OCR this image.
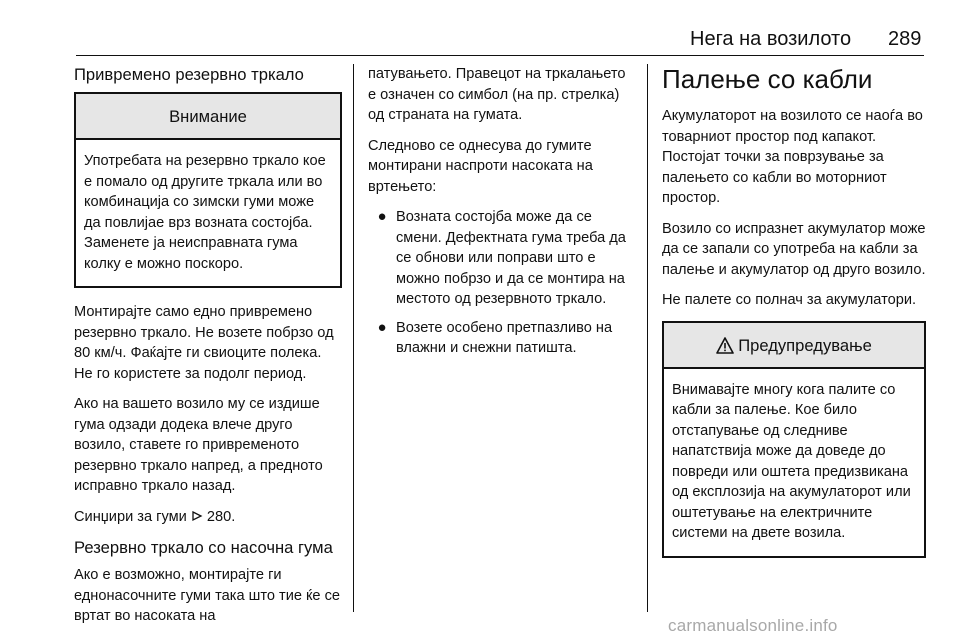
Нега на возилото 289
Привремено резервно тркало
Внимание
Употребата на резервно тркало кое е помало од другите тркала или во комбинација со зимски гуми може да повлијае врз возната состојба. Заменете ја неисправната гума колку е можно поскоро.

Монтирајте само едно привремено резервно тркало. Не возете побрзо од 80 км/ч. Фаќајте ги свиоците полека. Не го користете за подолг период.

Ако на вашето возило му се издише гума одзади додека влече друго возило, ставете го привременото резервно тркало напред, а предното исправно тркало назад.

Синџири за гуми 280.

Резервно тркало со насочна гума

Ако е возможно, монтирајте ги еднонасочните гуми така што тие ќе се вртат во насоката на

патувањето. Правецот на тркалањето е означен со симбол (на пр. стрелка) од страната на гумата.

Следново се однесува до гумите монтирани наспроти насоката на вртењето:

● Возната состојба може да се смени. Дефектната гума треба да се обнови или поправи што е можно побрзо и да се монтира на местото од резервното тркало.
● Возете особено претпазливо на влажни и снежни патишта.
Палење со кабли

Акумулаторот на возилото се наоѓа во товарниот простор под капакот. Постојат точки за поврзување за палењето со кабли во моторниот простор.

Возило со испразнет акумулатор може да се запали со употреба на кабли за палење и акумулатор од друго возило.

Не палете со полнач за акумулатори.

Предупредување
Внимавајте многу кога палите со кабли за палење. Кое било отстапување од следниве напатствија може да доведе до повреди или оштета предизвикана од експлозија на акумулаторот или оштетување на електричните системи на двете возила.
carmanualsonline.info
